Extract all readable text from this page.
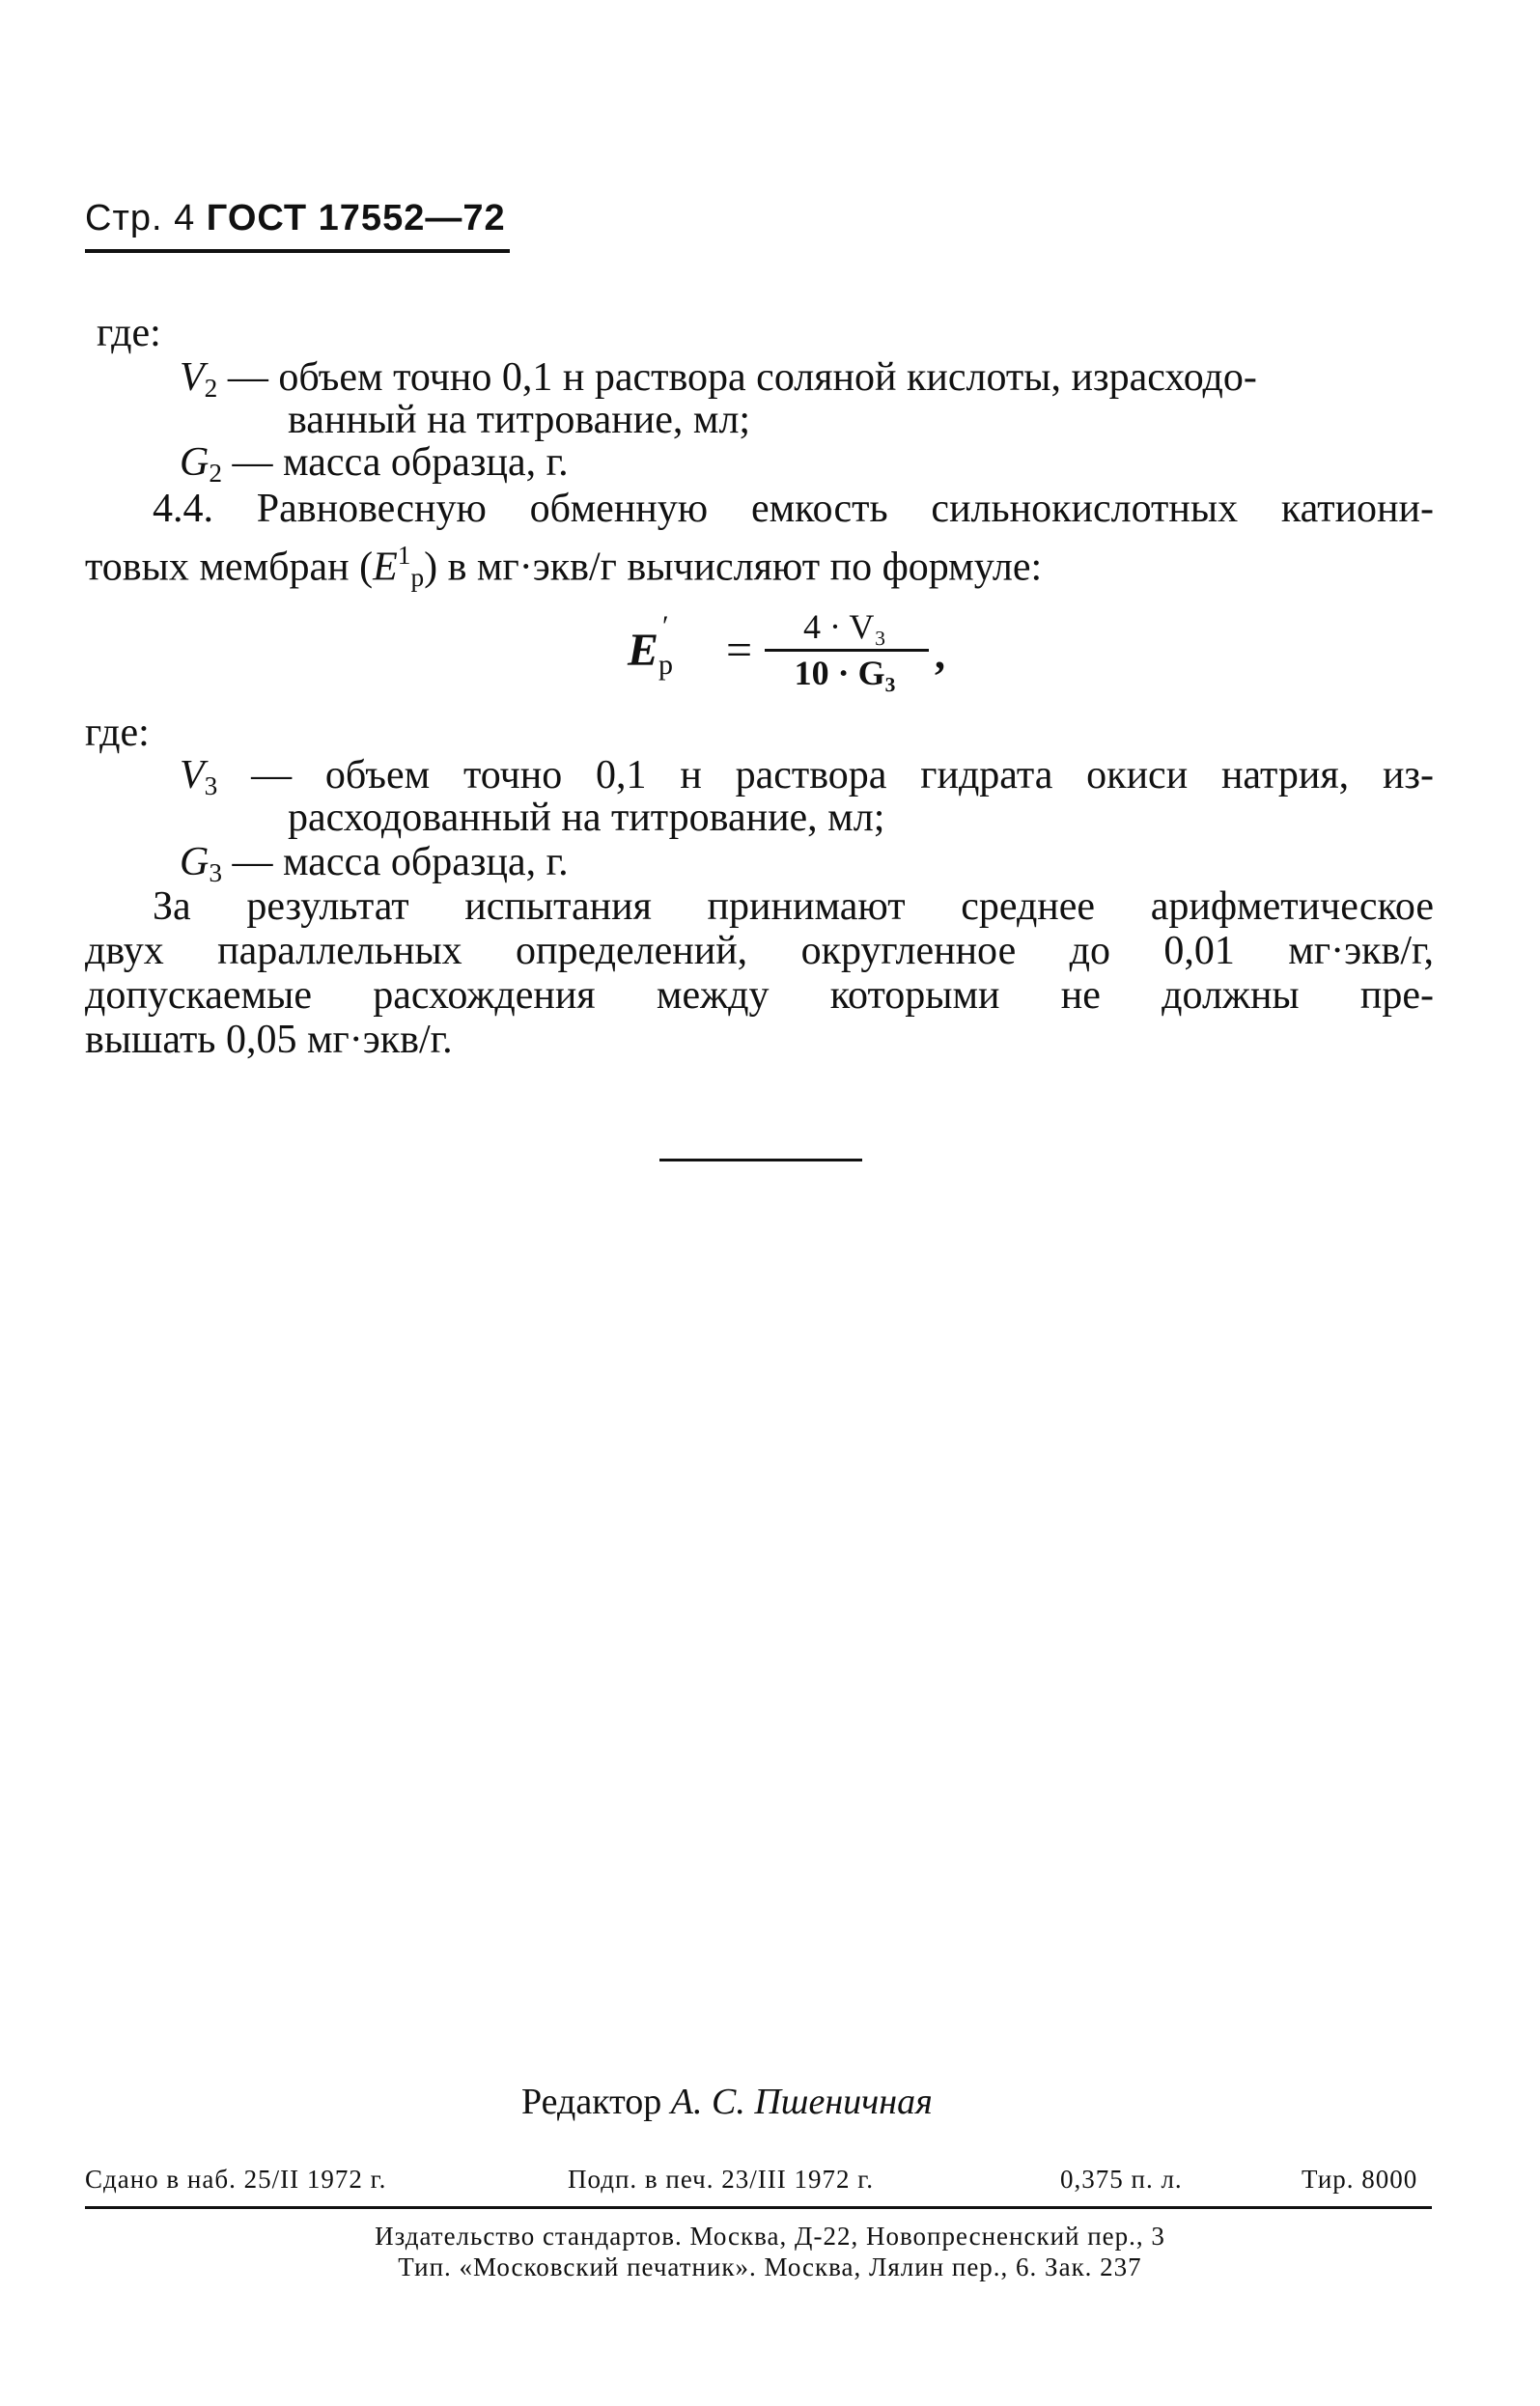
Стр. 4 ГОСТ 17552—72
где:
$V_2$ — объем точно 0,1 н раствора соляной кислоты, израсходо-
ванный на титрование, мл;
$G_2$ — масса образца, г.
4.4. Равновесную обменную емкость сильнокислотных катиони-
товых мембран $(E^1_p)$ в мг·экв/г вычисляют по формуле:
E ′
$_p$ =	4 · V₃
10 · G₃ ,
где:
$V_3$ — объем точно 0,1 н раствора гидрата окиси натрия, из-
расходованный на титрование, мл;
$G_3$ — масса образца, г.
За результат испытания принимают среднее арифметическое
двух параллельных определений, округленное до 0,01 мг·экв/г,
допускаемые расхождения между которыми не должны пре-
вышать 0,05 мг·экв/г.
Редактор А. С. Пшеничная
Сдано в наб. 25/II 1972 г.	Подп. в печ. 23/III 1972 г.	0,375 п. л.	Тир. 8000
Издательство стандартов. Москва, Д-22, Новопресненский пер., 3
Тип. «Московский печатник». Москва, Лялин пер., 6. Зак. 237
